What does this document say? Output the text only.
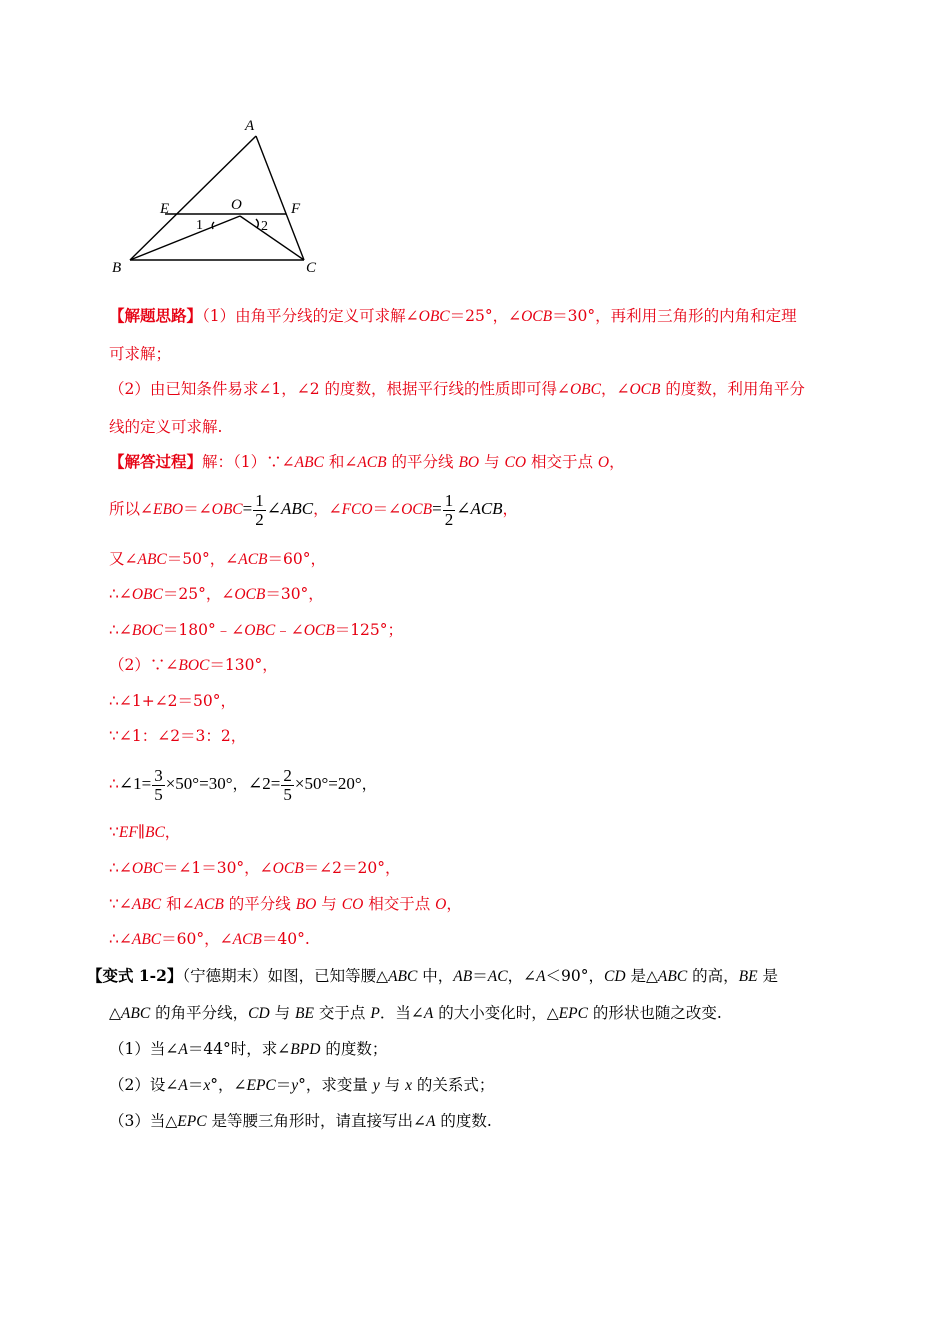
A
B	C
E	F
O
1	2
【解题思路】（1）由角平分线的定义可求解∠OBC＝25°，∠OCB＝30°，再利用三角形的内角和定理
可求解；
（2）由已知条件易求∠1，∠2 的度数，根据平行线的性质即可得∠OBC，∠OCB 的度数，利用角平分
线的定义可求解.
【解答过程】解：（1）∵∠ABC 和∠ACB 的平分线 BO 与 CO 相交于点 O，
所以∠EBO＝∠OBC= $\frac{1}{2}$ ∠ABC，∠FCO＝∠OCB= $\frac{1}{2}$ ∠ACB，
又∠ABC＝50°，∠ACB＝60°，
∴∠OBC＝25°，∠OCB＝30°，
∴∠BOC＝180°﹣∠OBC﹣∠OCB＝125°；
（2）∵∠BOC＝130°，
∴∠1+∠2＝50°，
∵∠1：∠2＝3：2，
∴∠1= $\frac{3}{5} \times 50^\circ=30^\circ$，∠2= $\frac{2}{5} \times 50^\circ=20^\circ$，
∵EF∥BC，
∴∠OBC＝∠1＝30°，∠OCB＝∠2＝20°，
∵∠ABC 和∠ACB 的平分线 BO 与 CO 相交于点 O，
∴∠ABC＝60°，∠ACB＝40°.
【变式 1-2】（宁德期末）如图，已知等腰△ABC 中，AB＝AC，∠A＜90°，CD 是△ABC 的高，BE 是
△ABC 的角平分线，CD 与 BE 交于点 P．当∠A 的大小变化时，△EPC 的形状也随之改变.
（1）当∠A＝44°时，求∠BPD 的度数；
（2）设∠A＝x°，∠EPC＝y°，求变量 y 与 x 的关系式；
（3）当△EPC 是等腰三角形时，请直接写出∠A 的度数.
